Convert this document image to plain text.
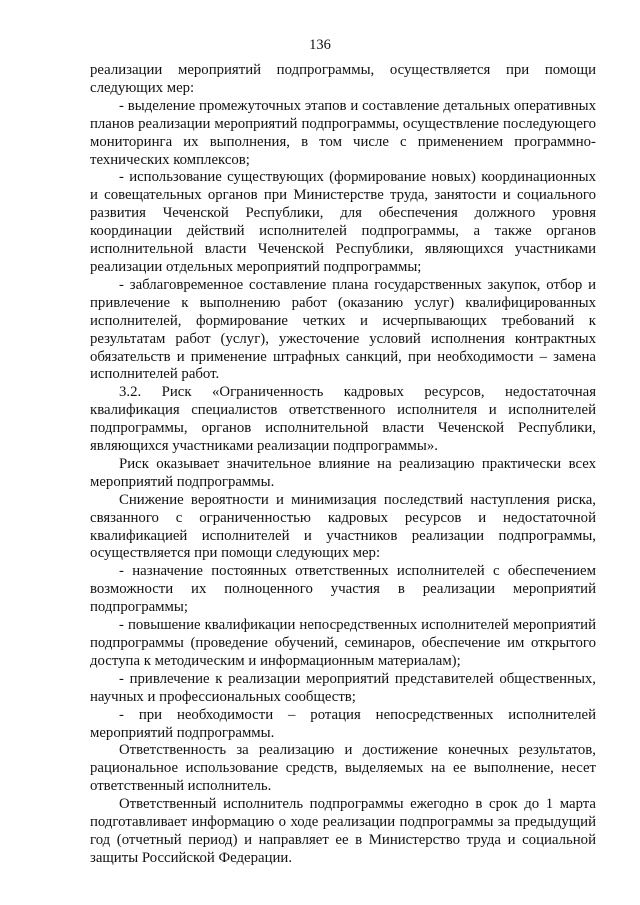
136

реализации мероприятий подпрограммы, осуществляется при помощи следующих мер:

- выделение промежуточных этапов и составление детальных оперативных планов реализации мероприятий подпрограммы, осуществление последующего мониторинга их выполнения, в том числе с применением программно-технических комплексов;

- использование существующих (формирование новых) координационных и совещательных органов при Министерстве труда, занятости и социального развития Чеченской Республики, для обеспечения должного уровня координации действий исполнителей подпрограммы, а также органов исполнительной власти Чеченской Республики, являющихся участниками реализации отдельных мероприятий подпрограммы;

- заблаговременное составление плана государственных закупок, отбор и привлечение к выполнению работ (оказанию услуг) квалифицированных исполнителей, формирование четких и исчерпывающих требований к результатам работ (услуг), ужесточение условий исполнения контрактных обязательств и применение штрафных санкций, при необходимости – замена исполнителей работ.

3.2. Риск «Ограниченность кадровых ресурсов, недостаточная квалификация специалистов ответственного исполнителя и исполнителей подпрограммы, органов исполнительной власти Чеченской Республики, являющихся участниками реализации подпрограммы».

Риск оказывает значительное влияние на реализацию практически всех мероприятий подпрограммы.

Снижение вероятности и минимизация последствий наступления риска, связанного с ограниченностью кадровых ресурсов и недостаточной квалификацией исполнителей и участников реализации подпрограммы, осуществляется при помощи следующих мер:

- назначение постоянных ответственных исполнителей с обеспечением возможности их полноценного участия в реализации мероприятий подпрограммы;

- повышение квалификации непосредственных исполнителей мероприятий подпрограммы (проведение обучений, семинаров, обеспечение им открытого доступа к методическим и информационным материалам);

- привлечение к реализации мероприятий представителей общественных, научных и профессиональных сообществ;

- при необходимости – ротация непосредственных исполнителей мероприятий подпрограммы.

Ответственность за реализацию и достижение конечных результатов, рациональное использование средств, выделяемых на ее выполнение, несет ответственный исполнитель.

Ответственный исполнитель подпрограммы ежегодно в срок до 1 марта подготавливает информацию о ходе реализации подпрограммы за предыдущий год (отчетный период) и направляет ее в Министерство труда и социальной защиты Российской Федерации.
